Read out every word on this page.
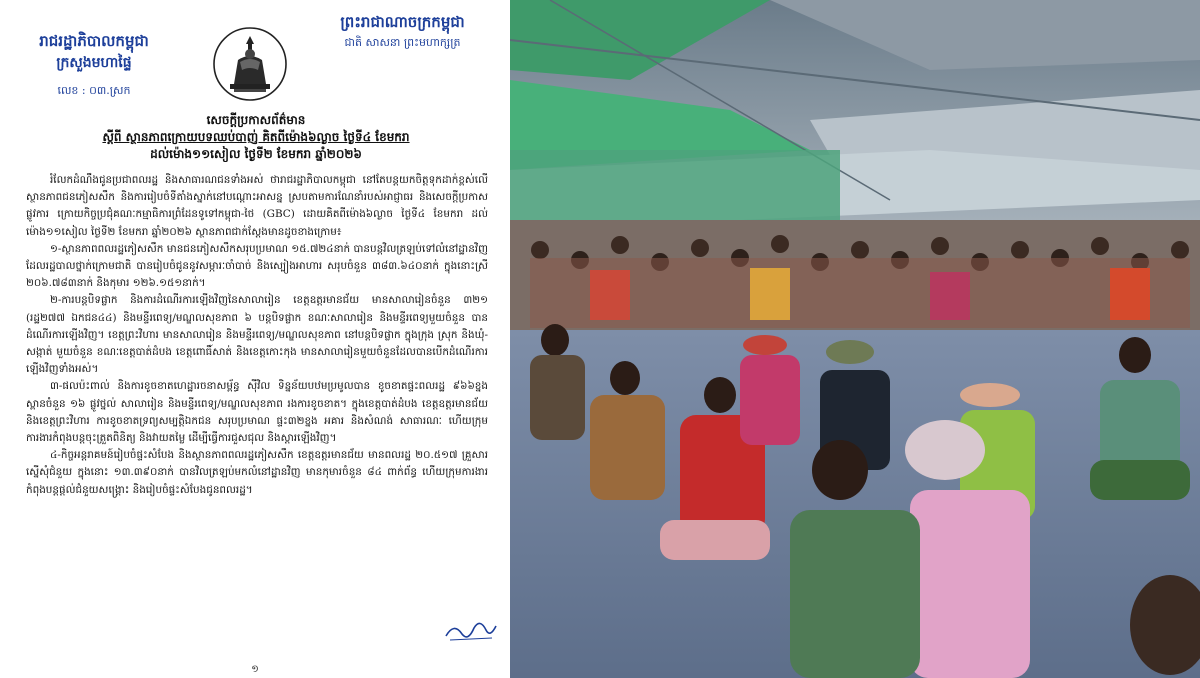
រាជរដ្ឋាភិបាលកម្ពុជា
ក្រសួងមហាផ្ទៃ
លេខ : ០៣.ស្រក
ព្រះរាជាណាចក្រកម្ពុជា
ជាតិ សាសនា ព្រះមហាក្សត្រ
សេចក្តីប្រកាសព័ត៌មាន
ស្តីពី ស្ថានភាពក្រោយបទឈប់បាញ់ គិតពីម៉ោង៦ល្ងាច ថ្ងៃទី៤ ខែមករា
ដល់ម៉ោង១១សៀល ថ្ងៃទី២ ខែមករា ឆ្នាំ២០២៦

រំលែកដំណឹងជូនប្រជាពលរដ្ឋ និងសាធារណជនទាំងអស់ ថារាជរដ្ឋាភិបាលកម្ពុជា នៅតែបន្តយកចិត្តទុកដាក់ខ្ពស់លើស្ថានភាពជនភៀសសឹក និងការរៀបចំទីតាំងស្នាក់នៅបណ្ដោះអាសន្ន ស្របតាមការណែនាំរបស់អាជ្ញាធរ និងសេចក្តីប្រកាសផ្លូវការ ក្រោយកិច្ចប្រជុំគណៈកម្មាធិការព្រំដែនទូទៅកម្ពុជា-ថៃ (GBC) ដោយគិតពីម៉ោង៦ល្ងាច ថ្ងៃទី៤ ខែមករា ដល់ម៉ោង១១សៀល ថ្ងៃទី២ ខែមករា ឆ្នាំ២០២៦ ស្ថានភាពជាក់ស្តែងមានដូចខាងក្រោម៖

១-ស្ថានភាពពលរដ្ឋភៀសសឹក មានជនភៀសសឹកសរុបប្រមាណ ១៥.៧២៤នាក់ បានបន្តវិលត្រឡប់ទៅលំនៅដ្ឋានវិញ ដែលរដ្ឋបាលថ្នាក់ក្រោមជាតិ បានរៀបចំជូននូវសម្ភារៈចាំបាច់ និងស្បៀងអាហារ សរុបចំនួន ៣៨៣.៦៤០នាក់ ក្នុងនោះស្រី ២០៦.៧៨៣នាក់ និងកុមារ ១២៦.១៥១នាក់។

២-ការបន្តបិទផ្លាក និងការដំណើរការឡើងវិញនៃសាលារៀន ខេត្តឧត្តរមានជ័យ មានសាលារៀនចំនួន ៣២១ (រដ្ឋ២៧៧ ឯកជន៤៤) និងមន្ទីរពេទ្យ/មណ្ឌលសុខភាព ៦ បន្តបិទផ្លាក ខណៈសាលារៀន និងមន្ទីរពេទ្យមួយចំនួន បានដំណើរការឡើងវិញ។ ខេត្តព្រះវិហារ មានសាលារៀន និងមន្ទីរពេទ្យ/មណ្ឌលសុខភាព នៅបន្តបិទផ្លាក ក្នុងក្រុង ស្រុក និងឃុំ-សង្កាត់ មួយចំនួន ខណៈខេត្តបាត់ដំបង ខេត្តពោធិ៍សាត់ និងខេត្តកោះកុង មានសាលារៀនមួយចំនួនដែលបានបើកដំណើរការឡើងវិញទាំងអស់។

៣-ផលប៉ះពាល់ និងការខូចខាតហេដ្ឋារចនាសម្ព័ន្ធ ស៊ីវិល ទិន្នន័យបឋមប្រមូលបាន ខូចខាតផ្ទះពលរដ្ឋ ៩៦៦ខ្នង ស្ពានចំនួន ១៦ ផ្លូវថ្នល់ សាលារៀន និងមន្ទីរពេទ្យ/មណ្ឌលសុខភាព រងការខូចខាត។ ក្នុងខេត្តបាត់ដំបង ខេត្តឧត្តរមានជ័យ និងខេត្តព្រះវិហារ ការខូចខាតទ្រព្យសម្បត្តិឯកជន សរុបប្រមាណ ផ្ទះ៣២ខ្នង អគារ និងសំណង់ សាធារណៈ ហើយក្រុមការងារកំពុងបន្តចុះត្រួតពិនិត្យ និងវាយតម្លៃ ដើម្បីធ្វើការជួសជុល និងស្តារឡើងវិញ។

៤-កិច្ចអន្តរាគមន៍រៀបចំផ្ទះសំបែង និងស្ថានភាពពលរដ្ឋភៀសសឹក ខេត្តឧត្តរមានជ័យ មានពលរដ្ឋ ២០.៥១៧ គ្រួសារ ស្នើសុំជំនួយ ក្នុងនោះ ១៣.៣៩០នាក់ បានវិលត្រឡប់មកលំនៅដ្ឋានវិញ មានកុមារចំនួន ៨៤ ពាក់ព័ន្ធ ហើយក្រុមការងារ កំពុងបន្តផ្តល់ជំនួយសង្គ្រោះ និងរៀបចំផ្ទះសំបែងជូនពលរដ្ឋ។

១
